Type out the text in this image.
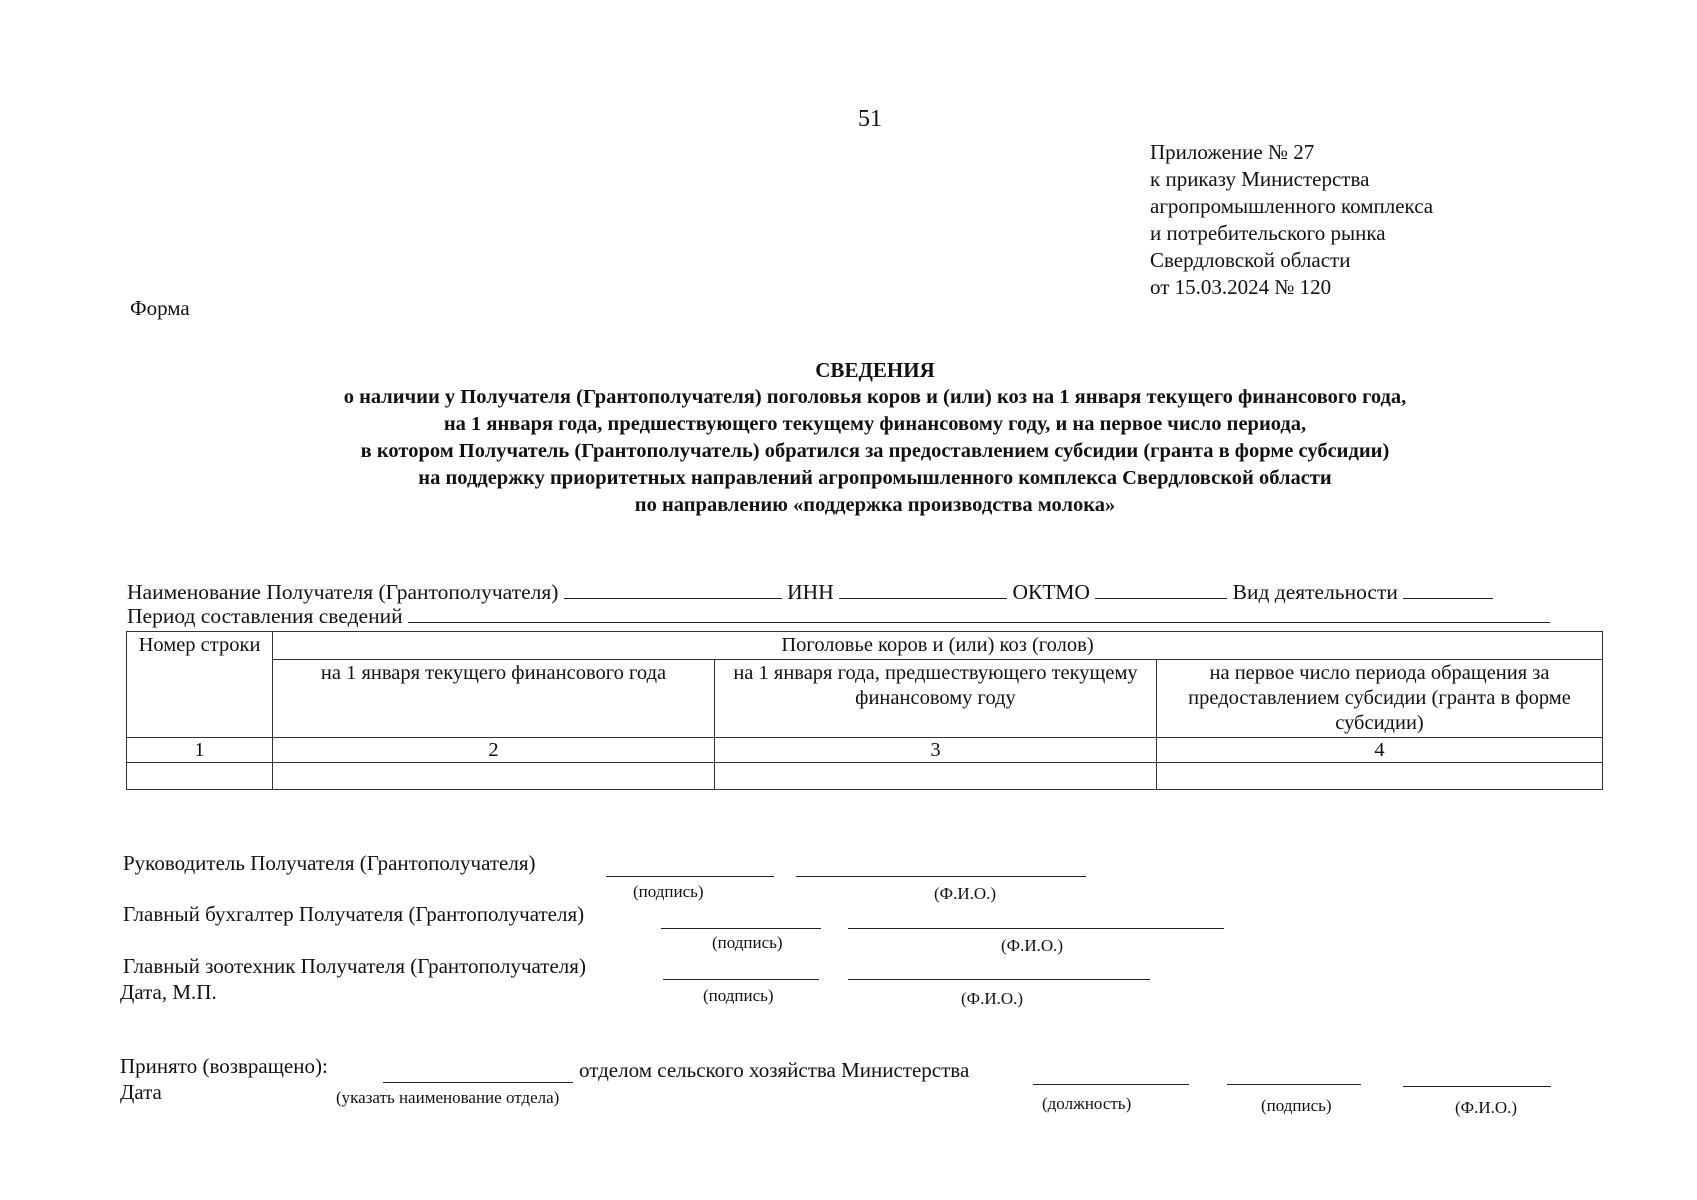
51
Приложение № 27
к приказу Министерства
агропромышленного комплекса
и потребительского рынка
Свердловской области
от 15.03.2024 № 120
Форма
СВЕДЕНИЯ
о наличии у Получателя (Грантополучателя) поголовья коров и (или) коз на 1 января текущего финансового года,
на 1 января года, предшествующего текущему финансовому году, и на первое число периода,
в котором Получатель (Грантополучатель) обратился за предоставлением субсидии (гранта в форме субсидии)
на поддержку приоритетных направлений агропромышленного комплекса Свердловской области
по направлению «поддержка производства молока»
Наименование Получателя (Грантополучателя)	ИНН	ОКТМО	Вид деятельности
Период составления сведений
Номер строки	Поголовье коров и (или) коз (голов)		
	на 1 января текущего финансового года	на 1 января года, предшествующего текущему финансовому году	на первое число периода обращения за предоставлением субсидии (гранта в форме субсидии)
1	2	3	4

Руководитель Получателя (Грантополучателя)
(подпись)	(Ф.И.О.)
Главный бухгалтер Получателя (Грантополучателя)
(подпись)	(Ф.И.О.)
Главный зоотехник Получателя (Грантополучателя)
Дата, М.П.	(подпись)	(Ф.И.О.)
Принято (возвращено):	отделом сельского хозяйства Министерства
Дата	(указать наименование отдела)	(должность)	(подпись)	(Ф.И.О.)
